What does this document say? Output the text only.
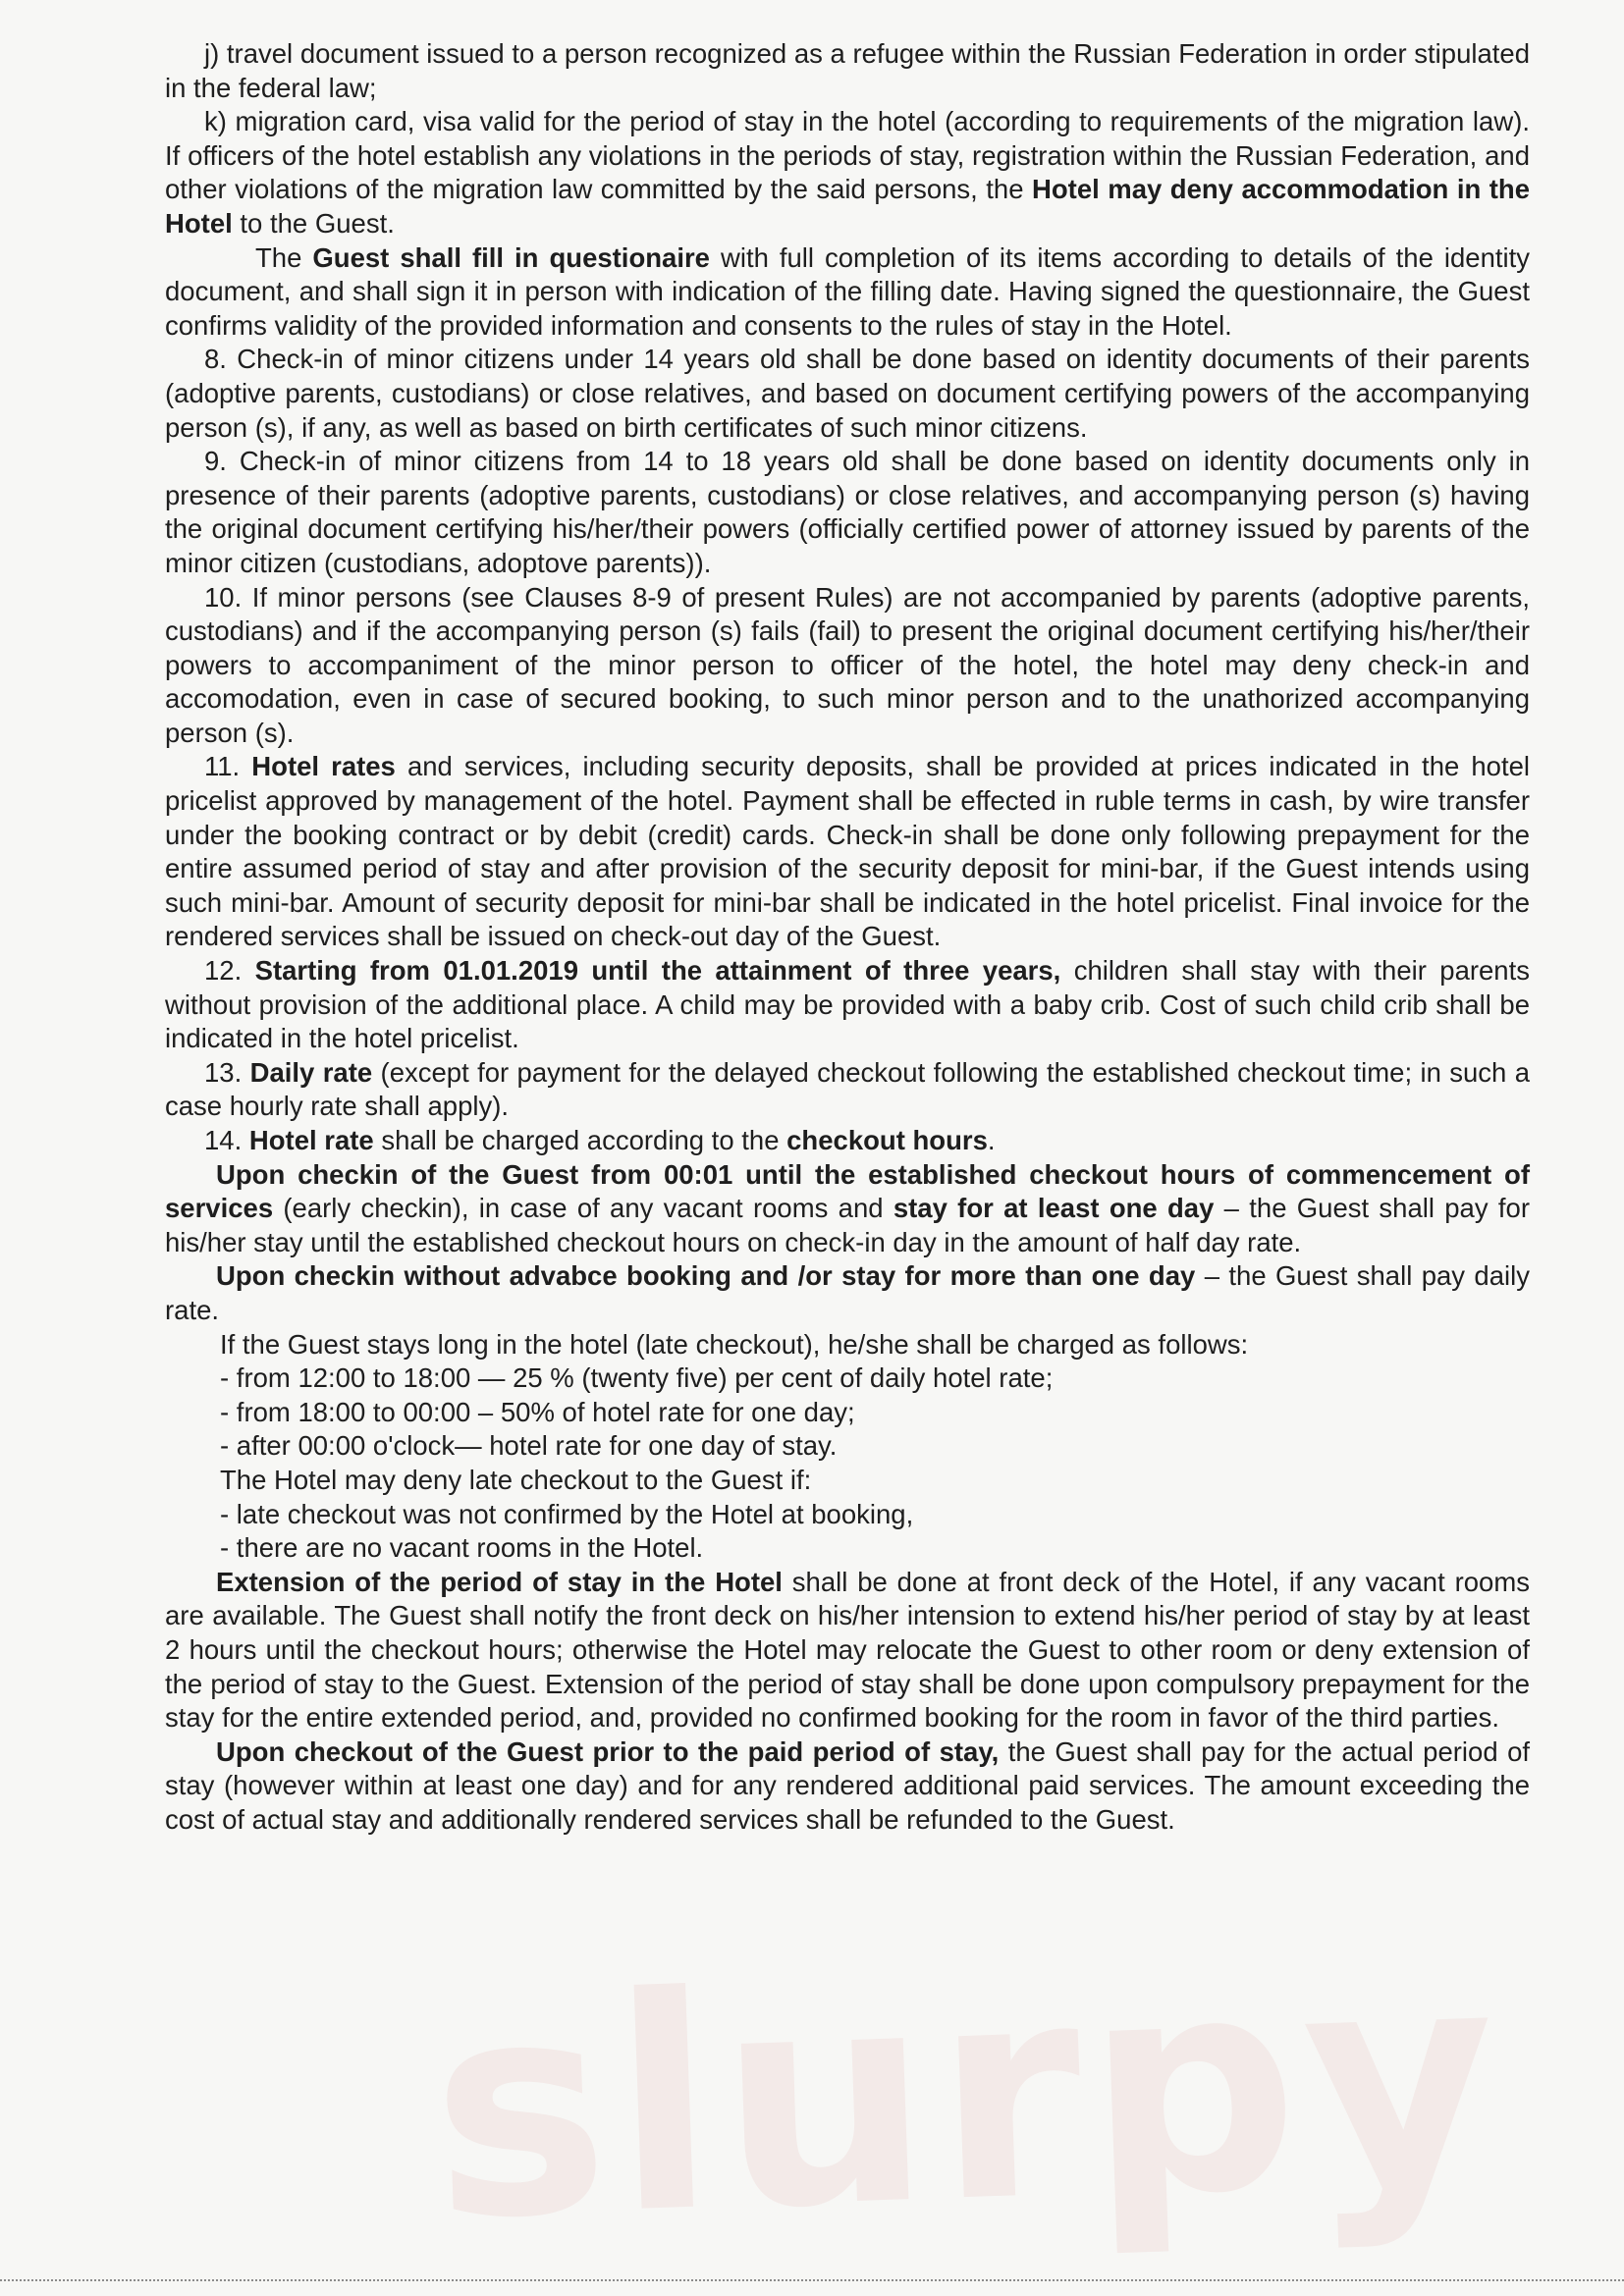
slurpy

j) travel document issued to a person recognized as a refugee within the Russian Federation in order stipulated in the federal law;

k) migration card, visa valid for the period of stay in the hotel (according to requirements of the migration law). If officers of the hotel establish any violations in the periods of stay, registration within the Russian Federation, and other violations of the migration law committed by the said persons, the Hotel may deny accommodation in the Hotel to the Guest.

The Guest shall fill in questionaire with full completion of its items according to details of the identity document, and shall sign it in person with indication of the filling date. Having signed the questionnaire, the Guest confirms validity of the provided information and consents to the rules of stay in the Hotel.

8. Check-in of minor citizens under 14 years old shall be done based on identity documents of their parents (adoptive parents, custodians) or close relatives, and based on document certifying powers of the accompanying person (s), if any, as well as based on birth certificates of such minor citizens.

9. Check-in of minor citizens from 14 to 18 years old shall be done based on identity documents only in presence of their parents (adoptive parents, custodians) or close relatives, and accompanying person (s) having the original document certifying his/her/their powers (officially certified power of attorney issued by parents of the minor citizen (custodians, adoptove parents)).

10. If minor persons (see Clauses 8-9 of present Rules) are not accompanied by parents (adoptive parents, custodians) and if the accompanying person (s) fails (fail) to present the original document certifying his/her/their powers to accompaniment of the minor person to officer of the hotel, the hotel may deny check-in and accomodation, even in case of secured booking, to such minor person and to the unathorized accompanying person (s).

11. Hotel rates and services, including security deposits, shall be provided at prices indicated in the hotel pricelist approved by management of the hotel. Payment shall be effected in ruble terms in cash, by wire transfer under the booking contract or by debit (credit) cards. Check-in shall be done only following prepayment for the entire assumed period of stay and after provision of the security deposit for mini-bar, if the Guest intends using such mini-bar. Amount of security deposit for mini-bar shall be indicated in the hotel pricelist. Final invoice for the rendered services shall be issued on check-out day of the Guest.

12. Starting from 01.01.2019 until the attainment of three years, children shall stay with their parents without provision of the additional place. A child may be provided with a baby crib. Cost of such child crib shall be indicated in the hotel pricelist.

13. Daily rate (except for payment for the delayed checkout following the established checkout time; in such a case hourly rate shall apply).

14. Hotel rate shall be charged according to the checkout hours.

Upon checkin of the Guest from 00:01 until the established checkout hours of commencement of services (early checkin), in case of any vacant rooms and stay for at least one day – the Guest shall pay for his/her stay until the established checkout hours on check-in day in the amount of half day rate.

Upon checkin without advabce booking and /or stay for more than one day – the Guest shall pay daily rate.

If the Guest stays long in the hotel (late checkout), he/she shall be charged as follows:

- from 12:00 to 18:00 — 25 % (twenty five) per cent of daily hotel rate;

- from 18:00 to 00:00 – 50% of hotel rate for one day;

- after 00:00 o'clock— hotel rate for one day of stay.

The Hotel may deny late checkout to the Guest if:

- late checkout was not confirmed by the Hotel at booking,

- there are no vacant rooms in the Hotel.

Extension of the period of stay in the Hotel shall be done at front deck of the Hotel, if any vacant rooms are available. The Guest shall notify the front deck on his/her intension to extend his/her period of stay by at least 2 hours until the checkout hours; otherwise the Hotel may relocate the Guest to other room or deny extension of the period of stay to the Guest. Extension of the period of stay shall be done upon compulsory prepayment for the stay for the entire extended period, and, provided no confirmed booking for the room in favor of the third parties.

Upon checkout of the Guest prior to the paid period of stay, the Guest shall pay for the actual period of stay (however within at least one day) and for any rendered additional paid services. The amount exceeding the cost of actual stay and additionally rendered services shall be refunded to the Guest.
